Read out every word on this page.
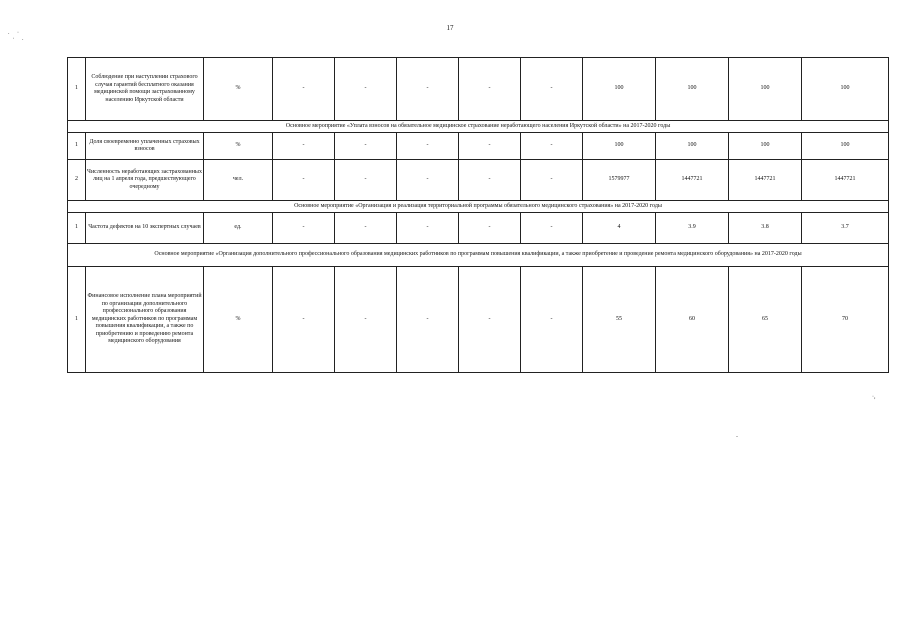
17
. ·
· .
1	Соблюдение при наступлении страхового случая гарантий бесплатного оказания медицинской помощи застрахованному населению Иркутской области	%	-	-	-	-	-	100	100	100	100
Основное мероприятие «Уплата взносов на обязательное медицинское страхование неработающего населения Иркутской области» на 2017-2020 годы											
1	Доля своевременно уплаченных страховых взносов	%	-	-	-	-	-	100	100	100	100
2	Численность неработающих застрахованных лиц на 1 апреля года, предшествующего очередному	чел.	-	-	-	-	-	1579977	1447721	1447721	1447721
Основное мероприятие «Организация и реализация территориальной программы обязательного медицинского страхования» на 2017-2020 годы											
1	Частота дефектов на 10 экспертных случаев	ед.	-	-	-	-	-	4	3.9	3.8	3.7
Основное мероприятие «Организация дополнительного профессионального образования медицинских работников по программам повышения квалификации, а также приобретение и проведение ремонта медицинского оборудования» на 2017-2020 годы											
1	Финансовое исполнение плана мероприятий по организации дополнительного профессионального образования медицинских работников по программам повышения квалификации, а также по приобретению и проведению ремонта медицинского оборудования	%	-	-	-	-	-	55	60	65	70
·,
-
